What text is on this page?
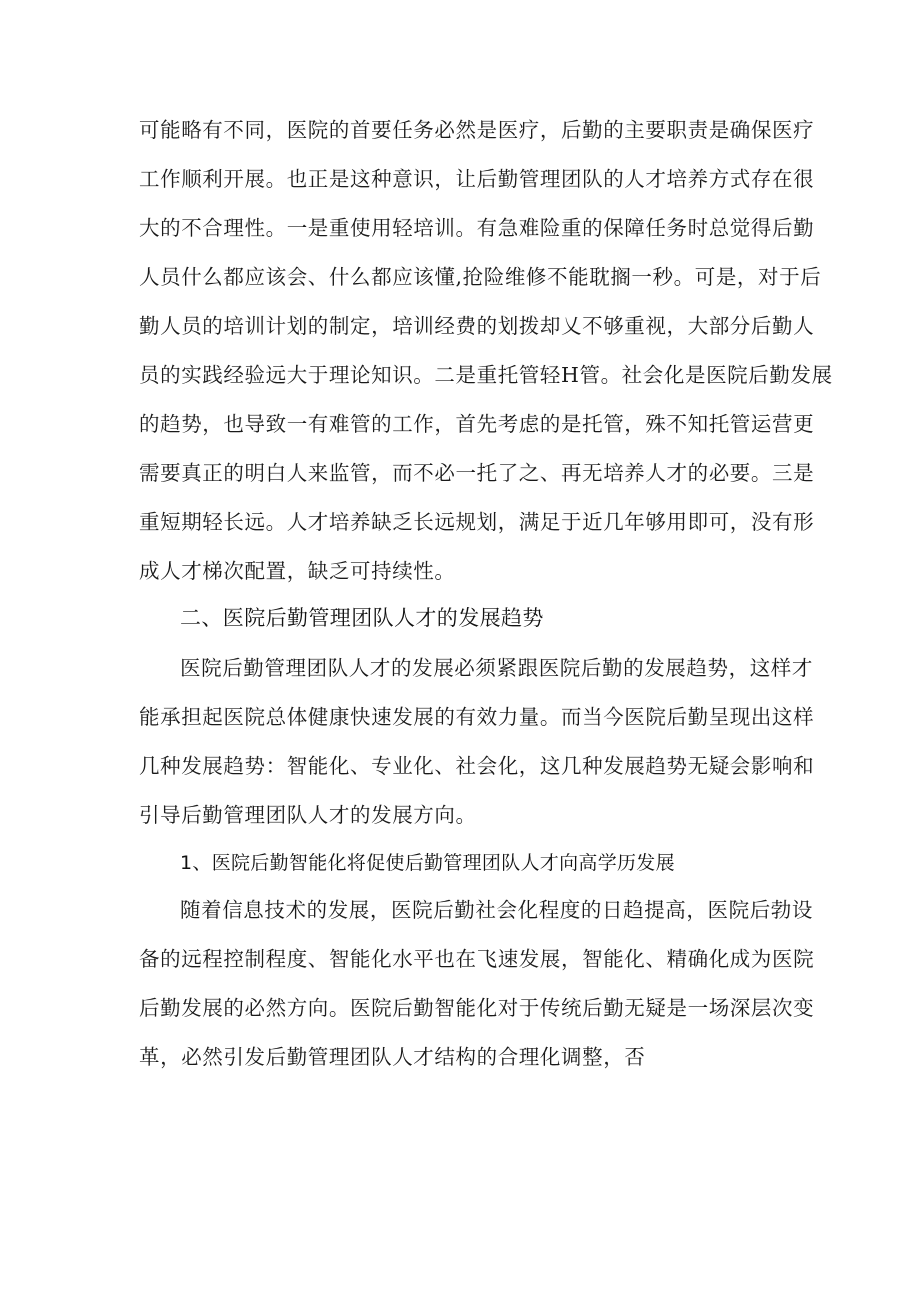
可能略有不同，医院的首要任务必然是医疗，后勤的主要职责是确保医疗
工作顺利开展。也正是这种意识，让后勤管理团队的人才培养方式存在很
大的不合理性。一是重使用轻培训。有急难险重的保障任务时总觉得后勤
人员什么都应该会、什么都应该懂,抢险维修不能耽搁一秒。可是，对于后
勤人员的培训计划的制定，培训经费的划拨却乂不够重视，大部分后勤人
员的实践经验远大于理论知识。二是重托管轻H管。社会化是医院后勤发展
的趋势，也导致一有难管的工作，首先考虑的是托管，殊不知托管运营更
需要真正的明白人来监管，而不必一托了之、再无培养人才的必要。三是
重短期轻长远。人才培养缺乏长远规划，满足于近几年够用即可，没有形
成人才梯次配置，缺乏可持续性。
二、医院后勤管理团队人才的发展趋势
医院后勤管理团队人才的发展必须紧跟医院后勤的发展趋势，这样才
能承担起医院总体健康快速发展的有效力量。而当今医院后勤呈现出这样
几种发展趋势：智能化、专业化、社会化，这几种发展趋势无疑会影响和
引导后勤管理团队人才的发展方向。
1、医院后勤智能化将促使后勤管理团队人才向高学历发展
随着信息技术的发展，医院后勤社会化程度的日趋提高，医院后勃设
备的远程控制程度、智能化水平也在飞速发展，智能化、精确化成为医院
后勤发展的必然方向。医院后勤智能化对于传统后勤无疑是一场深层次变
革，必然引发后勤管理团队人才结构的合理化调整，否
